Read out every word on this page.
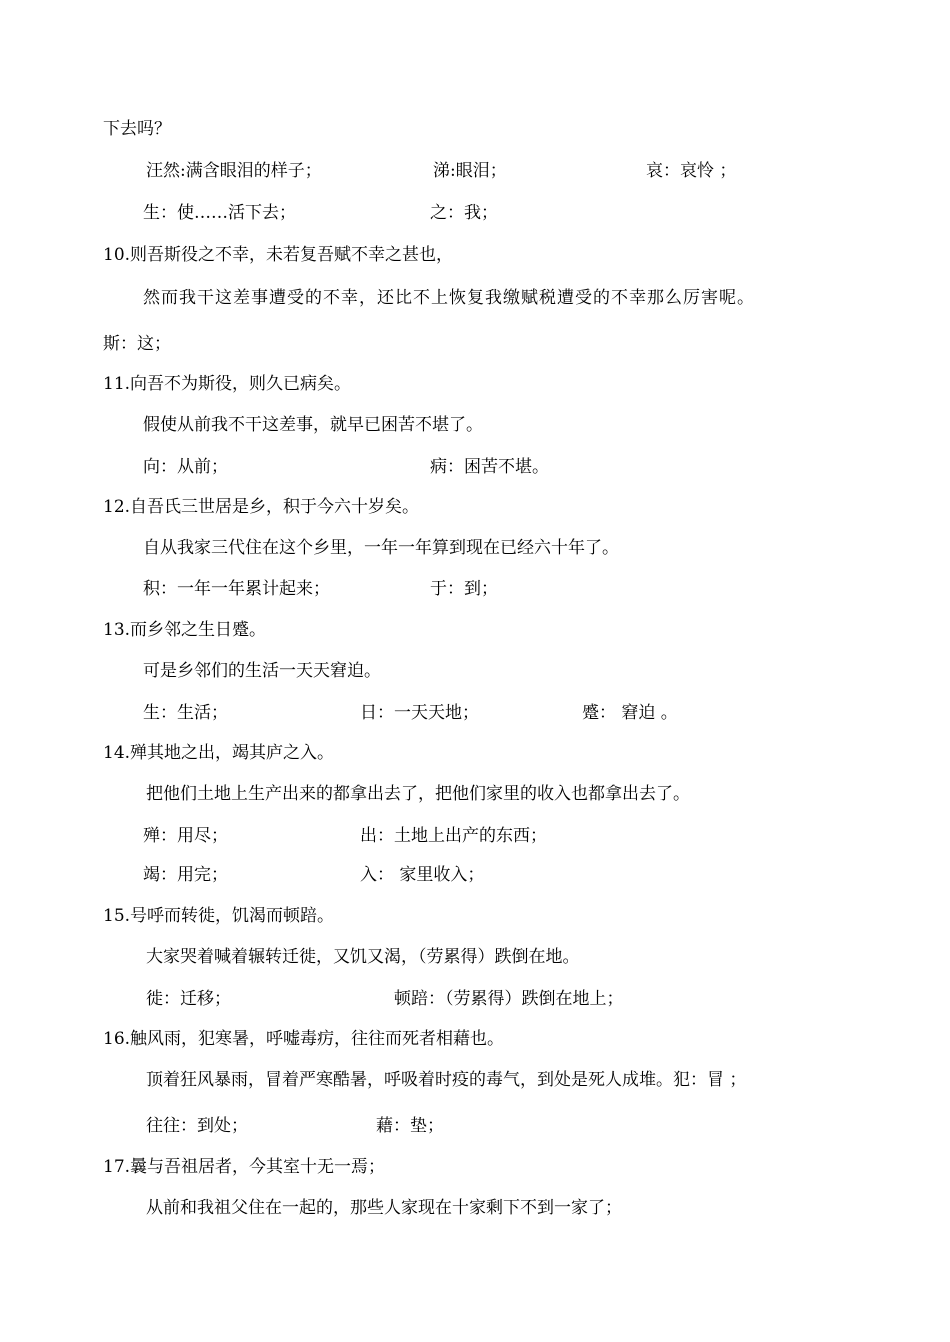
下去吗？
汪然:满含眼泪的样子；	涕:眼泪；	哀：哀怜 ；
生：使……活下去；	之：我；
10.则吾斯役之不幸，未若复吾赋不幸之甚也，
然而我干这差事遭受的不幸，还比不上恢复我缴赋税遭受的不幸那么厉害呢。
斯：这；
11.向吾不为斯役，则久已病矣。
假使从前我不干这差事，就早已困苦不堪了。
向：从前；	病：困苦不堪。
12.自吾氏三世居是乡，积于今六十岁矣。
自从我家三代住在这个乡里，一年一年算到现在已经六十年了。
积：一年一年累计起来；	于：到；
13.而乡邻之生日蹙。
可是乡邻们的生活一天天窘迫。
生：生活；	日：一天天地；	蹙： 窘迫 。
14.殚其地之出，竭其庐之入。
把他们土地上生产出来的都拿出去了，把他们家里的收入也都拿出去了。
殚：用尽；	出：土地上出产的东西；
竭：用完；	入： 家里收入；
15.号呼而转徙，饥渴而顿踣。
大家哭着喊着辗转迁徙，又饥又渴，（劳累得）跌倒在地。
徙：迁移；	顿踣：（劳累得）跌倒在地上；
16.触风雨，犯寒暑，呼嘘毒疠，往往而死者相藉也。
顶着狂风暴雨，冒着严寒酷暑，呼吸着时疫的毒气，到处是死人成堆。犯：冒 ；
往往：到处；	藉：垫；
17.曩与吾祖居者，今其室十无一焉；
从前和我祖父住在一起的，那些人家现在十家剩下不到一家了；
